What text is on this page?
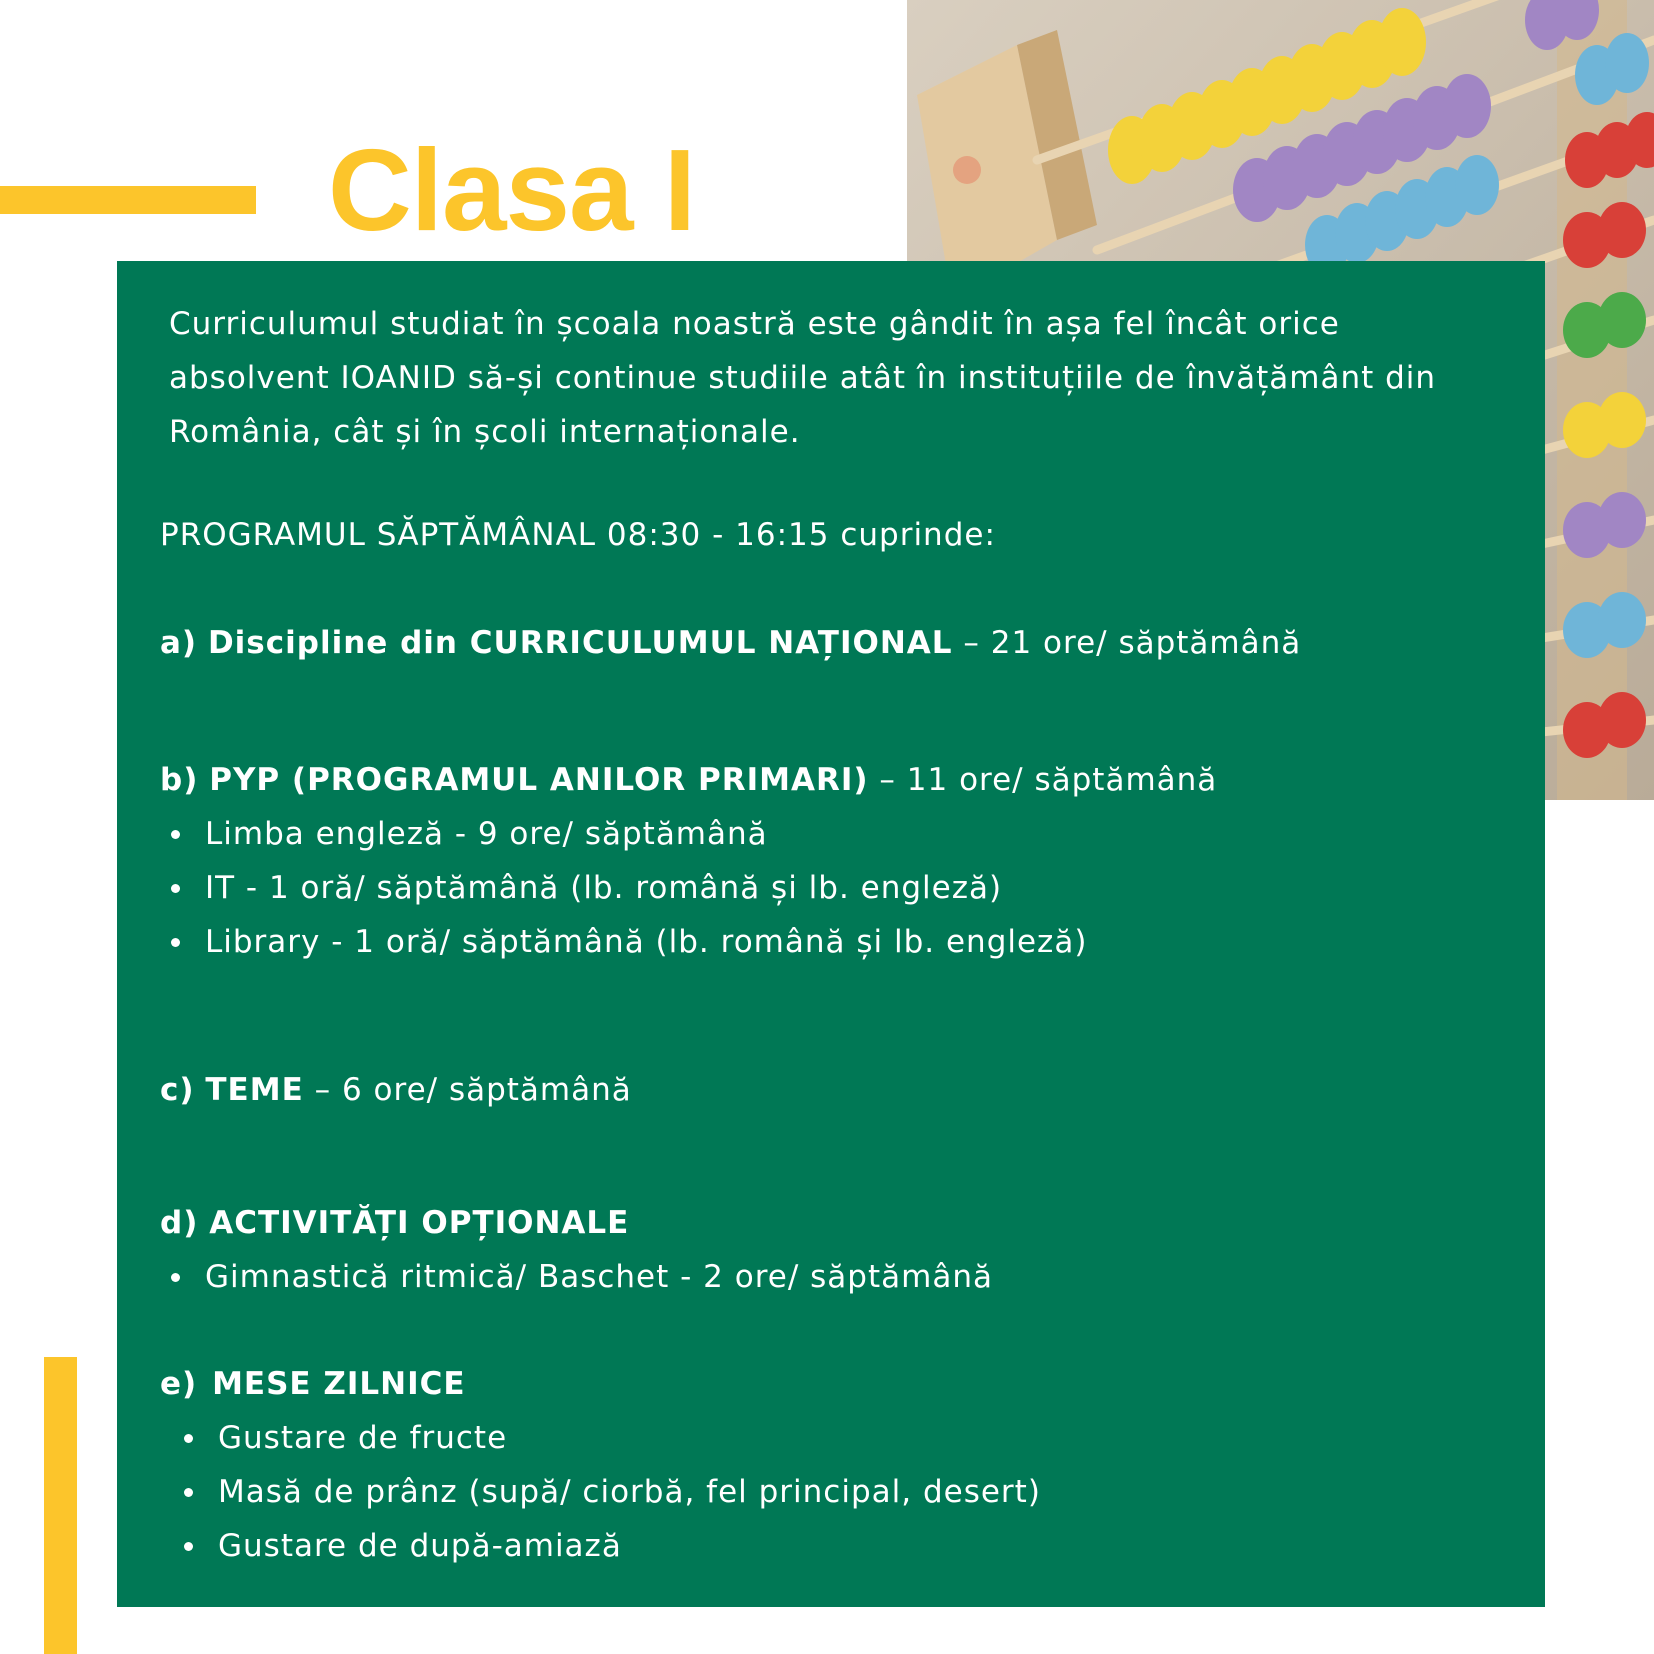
Clasa I

Curriculumul studiat în școala noastră este gândit în așa fel încât orice absolvent IOANID să-și continue studiile atât în instituțiile de învățământ din România, cât și în școli internaționale.

PROGRAMUL SĂPTĂMÂNAL 08:30 - 16:15 cuprinde:

a) Discipline din CURRICULUMUL NAȚIONAL – 21 ore/ săptămână

b) PYP (PROGRAMUL ANILOR PRIMARI) – 11 ore/ săptămână

Limba engleză - 9 ore/ săptămână
IT - 1 oră/ săptămână (lb. română și lb. engleză)
Library - 1 oră/ săptămână (lb. română și lb. engleză)

c) TEME – 6 ore/ săptămână

d) ACTIVITĂȚI OPȚIONALE

Gimnastică ritmică/ Baschet - 2 ore/ săptămână

e) MESE ZILNICE

Gustare de fructe
Masă de prânz (supă/ ciorbă, fel principal, desert)
Gustare de după-amiază
